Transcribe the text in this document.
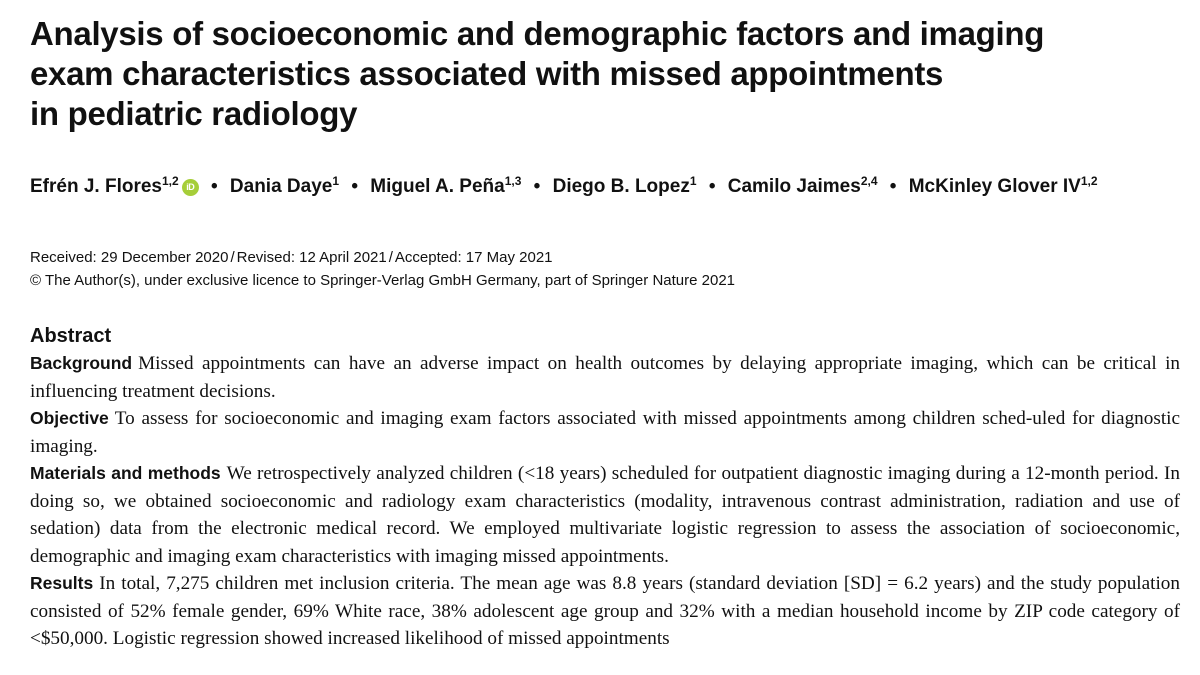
Analysis of socioeconomic and demographic factors and imaging
exam characteristics associated with missed appointments
in pediatric radiology
Efrén J. Flores$^{1,2}$ iD • Dania Daye$^1$ • Miguel A. Peña$^{1,3}$ • Diego B. Lopez$^1$ • Camilo Jaimes$^{2,4}$ • McKinley Glover IV$^{1,2}$
Received: 29 December 2020 / Revised: 12 April 2021 / Accepted: 17 May 2021
© The Author(s), under exclusive licence to Springer-Verlag GmbH Germany, part of Springer Nature 2021
Abstract

Background Missed appointments can have an adverse impact on health outcomes by delaying appropriate imaging, which can be critical in influencing treatment decisions.

Objective To assess for socioeconomic and imaging exam factors associated with missed appointments among children sched-uled for diagnostic imaging.

Materials and methods We retrospectively analyzed children (<18 years) scheduled for outpatient diagnostic imaging during a 12-month period. In doing so, we obtained socioeconomic and radiology exam characteristics (modality, intravenous contrast administration, radiation and use of sedation) data from the electronic medical record. We employed multivariate logistic regression to assess the association of socioeconomic, demographic and imaging exam characteristics with imaging missed appointments.

Results In total, 7,275 children met inclusion criteria. The mean age was 8.8 years (standard deviation [SD] = 6.2 years) and the study population consisted of 52% female gender, 69% White race, 38% adolescent age group and 32% with a median household income by ZIP code category of <$50,000. Logistic regression showed increased likelihood of missed appointments
